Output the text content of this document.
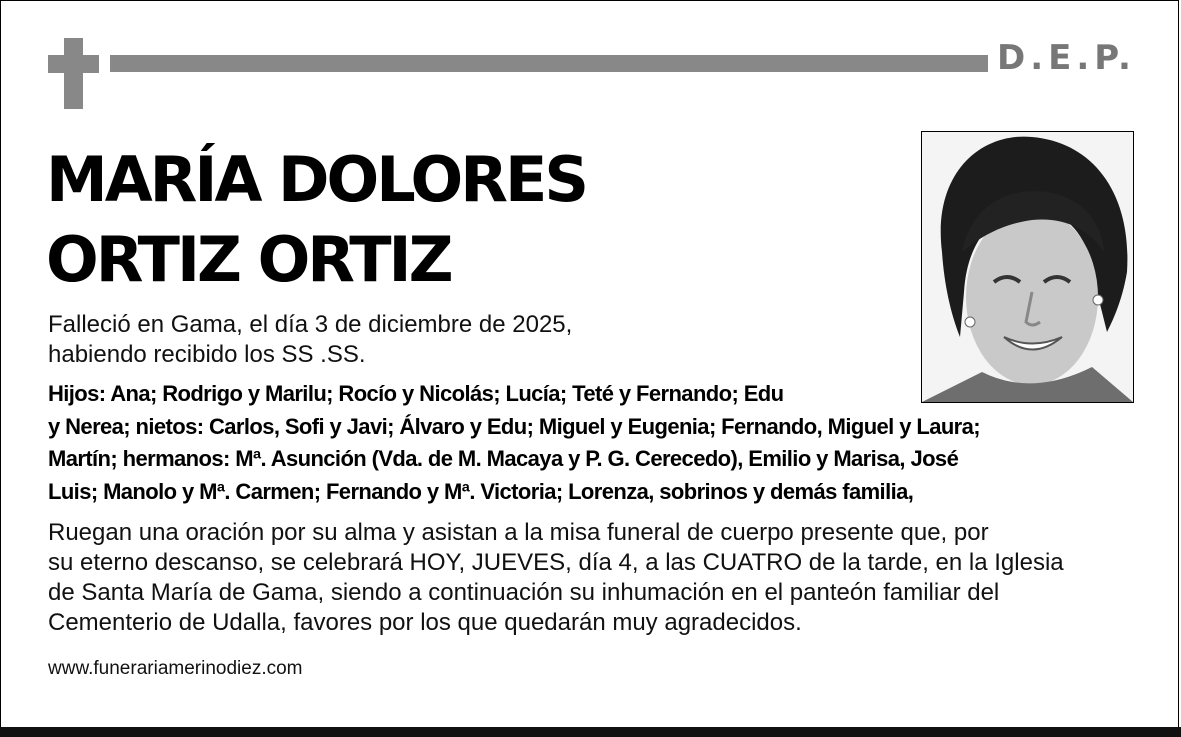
D.E.P.
MARÍA DOLORES
ORTIZ ORTIZ
Falleció en Gama, el día 3 de diciembre de 2025,
habiendo recibido los SS .SS.
Hijos: Ana; Rodrigo y Marilu; Rocío y Nicolás; Lucía; Teté y Fernando; Edu
y Nerea; nietos: Carlos, Sofi y Javi; Álvaro y Edu; Miguel y Eugenia; Fernando, Miguel y Laura;
Martín; hermanos: Mª. Asunción (Vda. de M. Macaya y P. G. Cerecedo), Emilio y Marisa, José
Luis; Manolo y Mª. Carmen; Fernando y Mª. Victoria; Lorenza, sobrinos y demás familia,
Ruegan una oración por su alma y asistan a la misa funeral de cuerpo presente que, por
su eterno descanso, se celebrará HOY, JUEVES, día 4, a las CUATRO de la tarde, en la Iglesia
de Santa María de Gama, siendo a continuación su inhumación en el panteón familiar del
Cementerio de Udalla, favores por los que quedarán muy agradecidos.
www.funerariamerinodiez.com
